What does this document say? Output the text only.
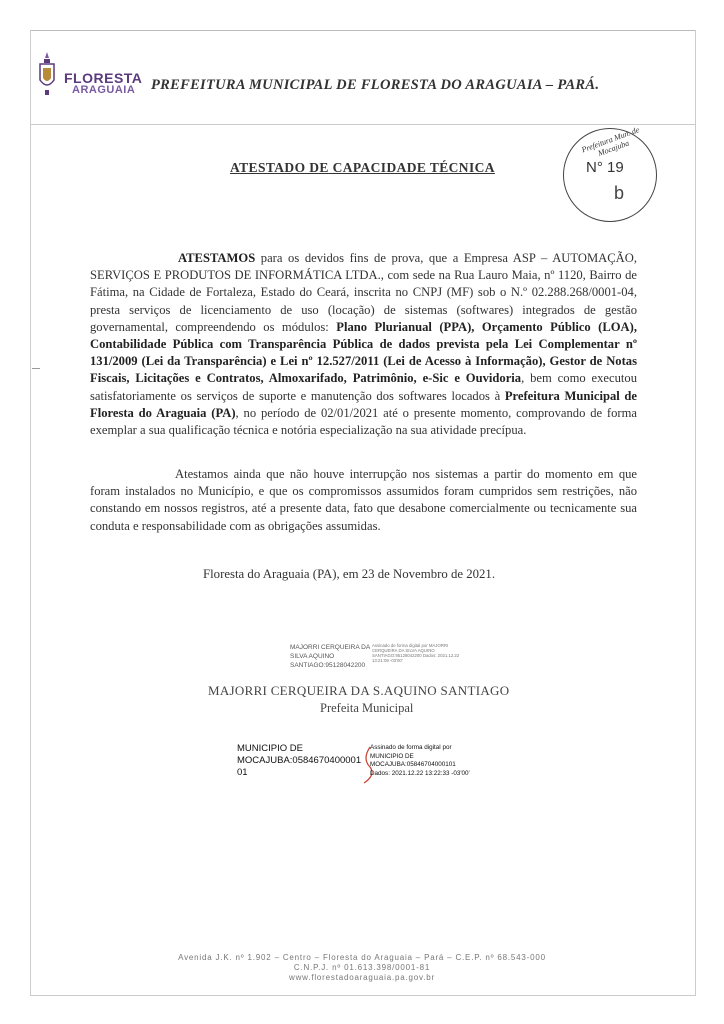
FLORESTA
ARAGUAIA PREFEITURA MUNICIPAL DE FLORESTA DO ARAGUAIA – PARÁ.
ATESTADO DE CAPACIDADE TÉCNICA
Prefeitura Mun. de Mocajuba
N° 19
b
ATESTAMOS para os devidos fins de prova, que a Empresa ASP – AUTOMAÇÃO, SERVIÇOS E PRODUTOS DE INFORMÁTICA LTDA., com sede na Rua Lauro Maia, nº 1120, Bairro de Fátima, na Cidade de Fortaleza, Estado do Ceará, inscrita no CNPJ (MF) sob o N.º 02.288.268/0001-04, presta serviços de licenciamento de uso (locação) de sistemas (softwares) integrados de gestão governamental, compreendendo os módulos: Plano Plurianual (PPA), Orçamento Público (LOA), Contabilidade Pública com Transparência Pública de dados prevista pela Lei Complementar nº 131/2009 (Lei da Transparência) e Lei nº 12.527/2011 (Lei de Acesso à Informação), Gestor de Notas Fiscais, Licitações e Contratos, Almoxarifado, Patrimônio, e-Sic e Ouvidoria, bem como executou satisfatoriamente os serviços de suporte e manutenção dos softwares locados à Prefeitura Municipal de Floresta do Araguaia (PA), no período de 02/01/2021 até o presente momento, comprovando de forma exemplar a sua qualificação técnica e notória especialização na sua atividade precípua.
Atestamos ainda que não houve interrupção nos sistemas a partir do momento em que foram instalados no Município, e que os compromissos assumidos foram cumpridos sem restrições, não constando em nossos registros, até a presente data, fato que desabone comercialmente ou tecnicamente sua conduta e responsabilidade com as obrigações assumidas.
Floresta do Araguaia (PA), em 23 de Novembro de 2021.
MAJORRI CERQUEIRA DA SILVA AQUINO SANTIAGO:95128042200
Assinado de forma digital por MAJORRI CERQUEIRA DA SILVA AQUINO SANTIAGO:95128042200 Dados: 2021.12.22 13:21:09 -03'00'
MAJORRI CERQUEIRA DA S.AQUINO SANTIAGO
Prefeita Municipal
MUNICIPIO DE MOCAJUBA:0584670400001 01
Assinado de forma digital por
MUNICIPIO DE
MOCAJUBA:05846704000101
Dados: 2021.12.22 13:22:33 -03'00'
Avenida J.K. nº 1.902 – Centro – Floresta do Araguaia – Pará – C.E.P. nº 68.543-000
C.N.P.J. nº 01.613.398/0001-81
www.florestadoaraguaia.pa.gov.br
